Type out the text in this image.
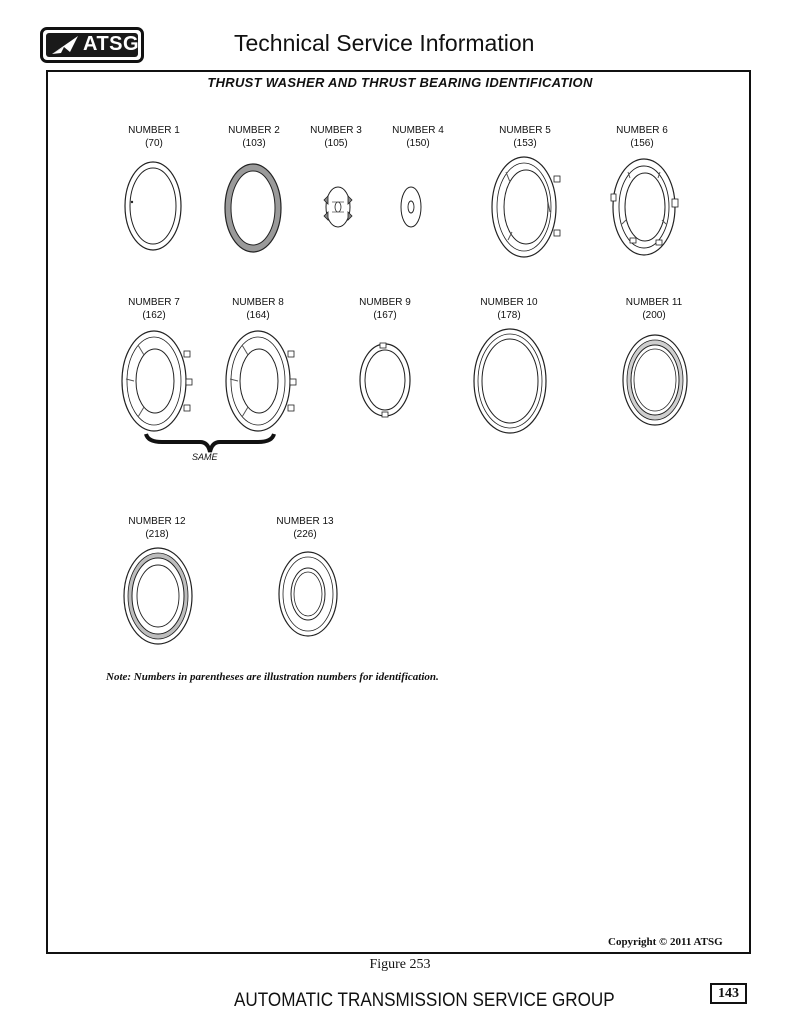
ATSG	Technical Service Information
THRUST WASHER AND THRUST BEARING IDENTIFICATION
NUMBER 1
(70)
NUMBER 2
(103)
NUMBER 3
(105)
NUMBER 4
(150)
NUMBER 5
(153)
NUMBER 6
(156)
NUMBER 7
(162)
NUMBER 8
(164)
NUMBER 9
(167)
NUMBER 10
(178)
NUMBER 11
(200)
NUMBER 12
(218)
NUMBER 13
(226)
SAME
Note: Numbers in parentheses are illustration numbers for identification.
Copyright © 2011 ATSG
Figure 253
AUTOMATIC TRANSMISSION SERVICE GROUP	143
